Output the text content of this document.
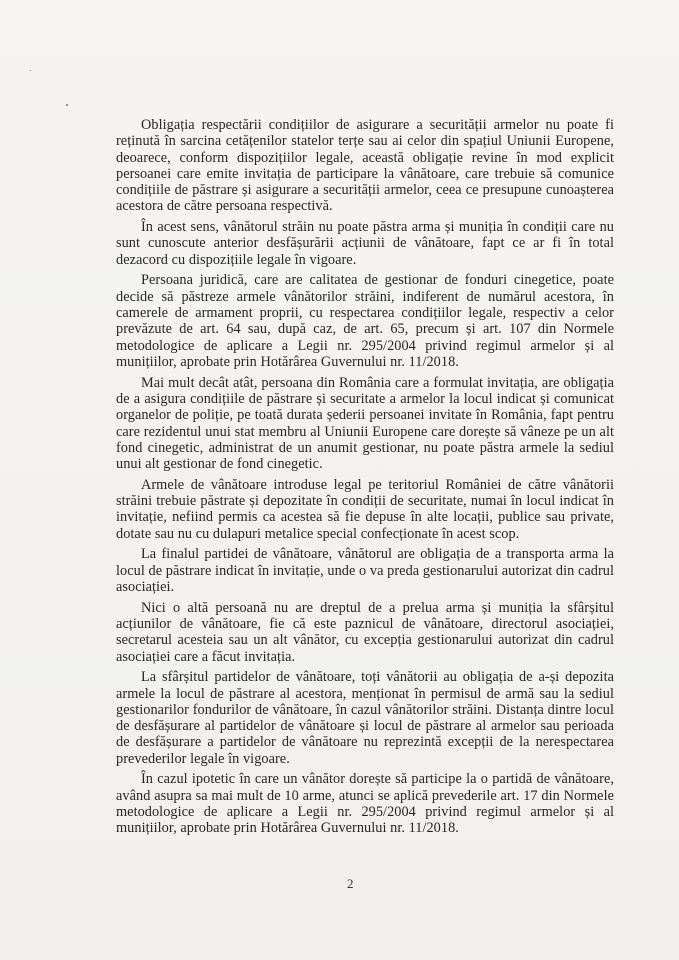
Obligația respectării condițiilor de asigurare a securității armelor nu poate fi reținută în sarcina cetățenilor statelor terțe sau ai celor din spațiul Uniunii Europene, deoarece, conform dispozițiilor legale, această obligație revine în mod explicit persoanei care emite invitația de participare la vânătoare, care trebuie să comunice condițiile de păstrare și asigurare a securității armelor, ceea ce presupune cunoașterea acestora de către persoana respectivă.

În acest sens, vânătorul străin nu poate păstra arma și muniția în condiții care nu sunt cunoscute anterior desfășurării acțiunii de vânătoare, fapt ce ar fi în total dezacord cu dispozițiile legale în vigoare.

Persoana juridică, care are calitatea de gestionar de fonduri cinegetice, poate decide să păstreze armele vânătorilor străini, indiferent de numărul acestora, în camerele de armament proprii, cu respectarea condițiilor legale, respectiv a celor prevăzute de art. 64 sau, după caz, de art. 65, precum și art. 107 din Normele metodologice de aplicare a Legii nr. 295/2004 privind regimul armelor și al munițiilor, aprobate prin Hotărârea Guvernului nr. 11/2018.

Mai mult decât atât, persoana din România care a formulat invitația, are obligația de a asigura condițiile de păstrare și securitate a armelor la locul indicat și comunicat organelor de poliție, pe toată durata șederii persoanei invitate în România, fapt pentru care rezidentul unui stat membru al Uniunii Europene care dorește să vâneze pe un alt fond cinegetic, administrat de un anumit gestionar, nu poate păstra armele la sediul unui alt gestionar de fond cinegetic.

Armele de vânătoare introduse legal pe teritoriul României de către vânătorii străini trebuie păstrate și depozitate în condiții de securitate, numai în locul indicat în invitație, nefiind permis ca acestea să fie depuse în alte locații, publice sau private, dotate sau nu cu dulapuri metalice special confecționate în acest scop.

La finalul partidei de vânătoare, vânătorul are obligația de a transporta arma la locul de păstrare indicat în invitație, unde o va preda gestionarului autorizat din cadrul asociației.

Nici o altă persoană nu are dreptul de a prelua arma și muniția la sfârșitul acțiunilor de vânătoare, fie că este paznicul de vânătoare, directorul asociației, secretarul acesteia sau un alt vânător, cu excepția gestionarului autorizat din cadrul asociației care a făcut invitația.

La sfârșitul partidelor de vânătoare, toți vânătorii au obligația de a-și depozita armele la locul de păstrare al acestora, menționat în permisul de armă sau la sediul gestionarilor fondurilor de vânătoare, în cazul vânătorilor străini. Distanța dintre locul de desfășurare al partidelor de vânătoare și locul de păstrare al armelor sau perioada de desfășurare a partidelor de vânătoare nu reprezintă excepții de la nerespectarea prevederilor legale în vigoare.

În cazul ipotetic în care un vânător dorește să participe la o partidă de vânătoare, având asupra sa mai mult de 10 arme, atunci se aplică prevederile art. 17 din Normele metodologice de aplicare a Legii nr. 295/2004 privind regimul armelor și al munițiilor, aprobate prin Hotărârea Guvernului nr. 11/2018.

2
